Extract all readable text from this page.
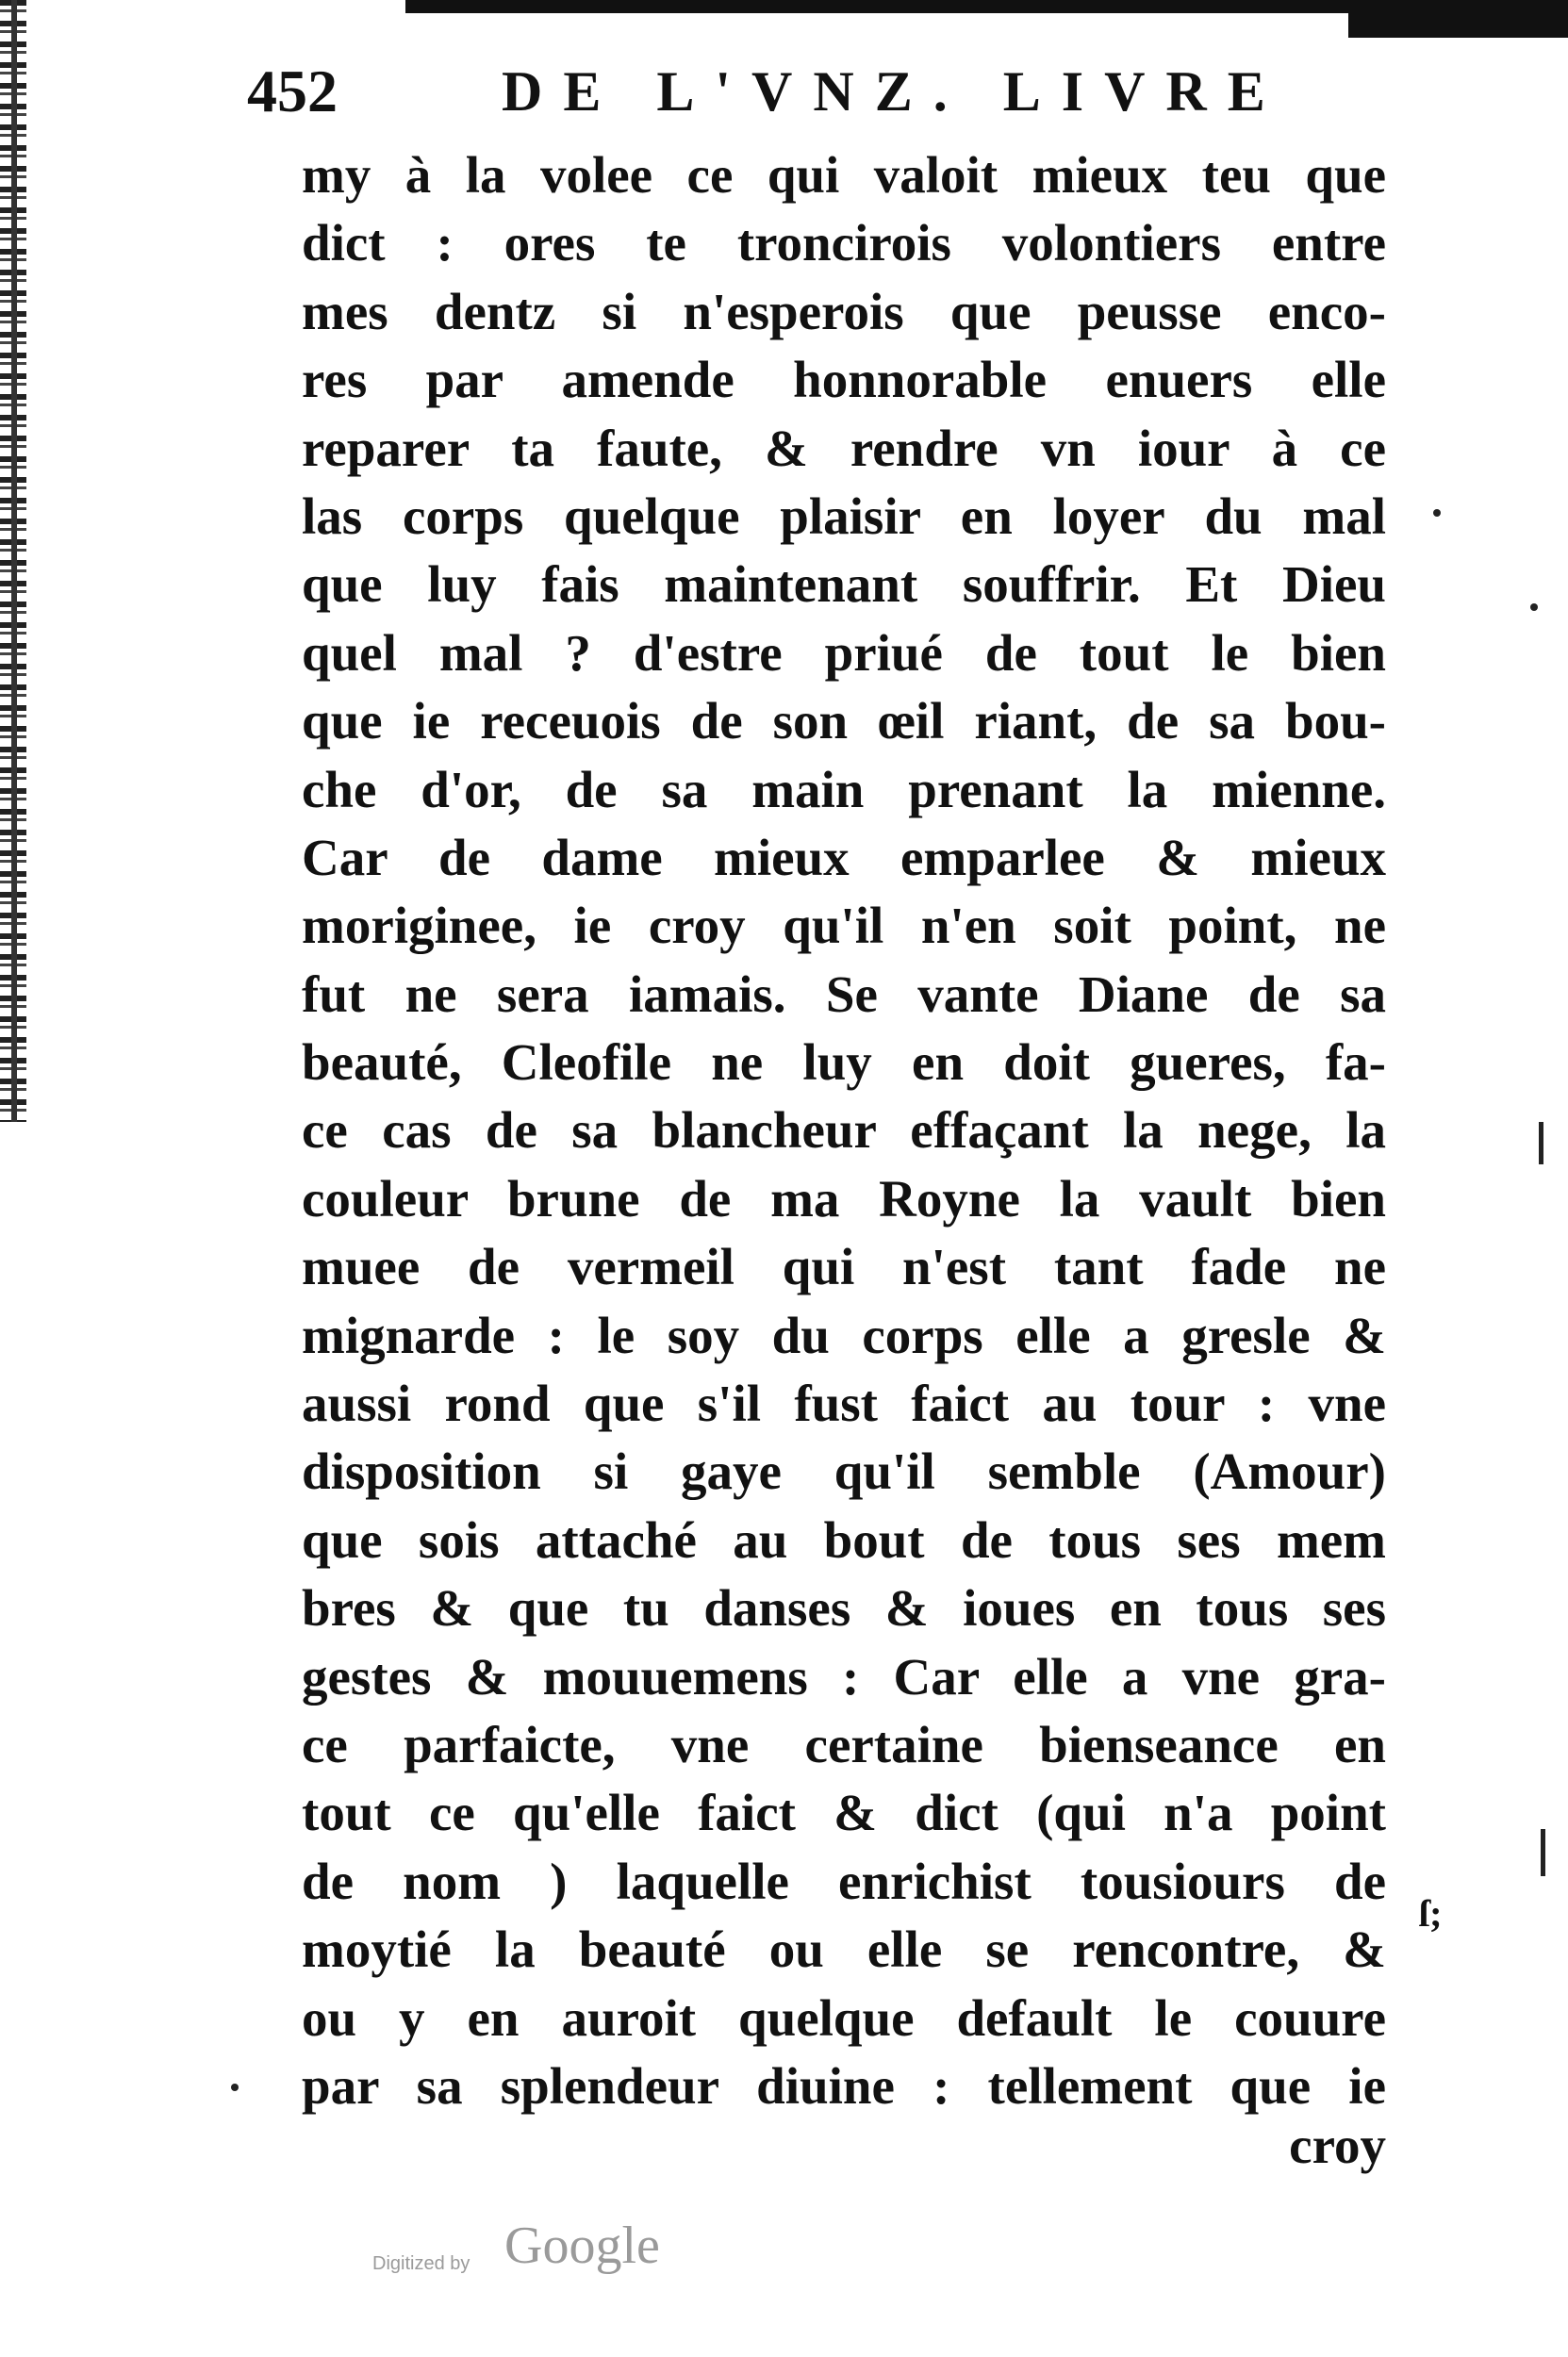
452	DE L'VNZ. LIVRE
my à la volee ce qui valoit mieux teu que
dict : ores te troncirois volontiers entre
mes dentz si n'esperois que peusse enco-
res par amende honnorable enuers elle
reparer ta faute, & rendre vn iour à ce
las corps quelque plaisir en loyer du mal
que luy fais maintenant souffrir. Et Dieu
quel mal ? d'estre priué de tout le bien
que ie receuois de son œil riant, de sa bou-
che d'or, de sa main prenant la mienne.
Car de dame mieux emparlee & mieux
moriginee, ie croy qu'il n'en soit point, ne
fut ne sera iamais. Se vante Diane de sa
beauté, Cleofile ne luy en doit gueres, fa-
ce cas de sa blancheur effaçant la nege, la
couleur brune de ma Royne la vault bien
muee de vermeil qui n'est tant fade ne
mignarde : le soy du corps elle a gresle &
aussi rond que s'il fust faict au tour : vne
disposition si gaye qu'il semble (Amour)
que sois attaché au bout de tous ses mem
bres & que tu danses & ioues en tous ses
gestes & mouuemens : Car elle a vne gra-
ce parfaicte, vne certaine bienseance en
tout ce qu'elle faict & dict (qui n'a point
de nom ) laquelle enrichist tousiours de
moytié la beauté ou elle se rencontre, &
ou y en auroit quelque default le couure
par sa splendeur diuine : tellement que ie
croy
ſ;
Digitized by Google
